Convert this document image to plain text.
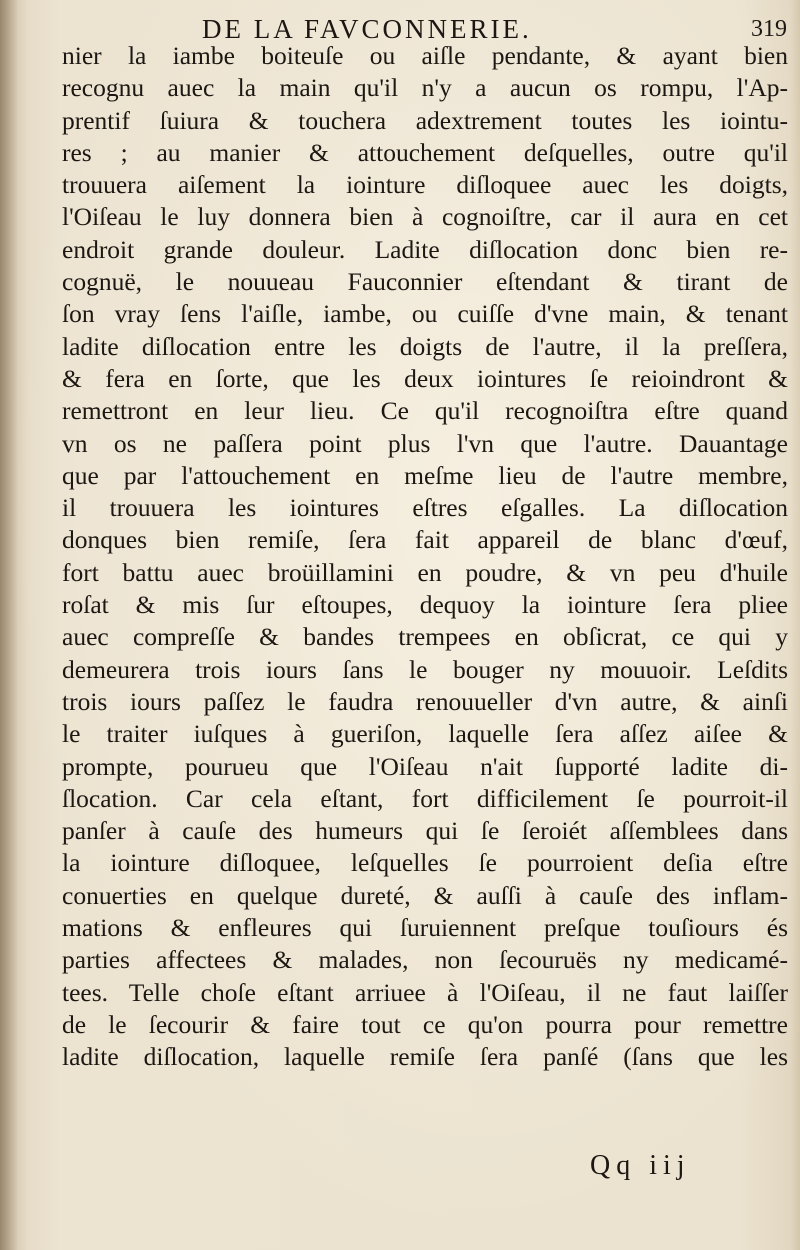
DE LA FAVCONNERIE.	319
nier la iambe boiteuſe ou aiſle pendante, & ayant bien
recognu auec la main qu'il n'y a aucun os rompu, l'Ap-
prentif ſuiura & touchera adextrement toutes les iointu-
res ; au manier & attouchement deſquelles, outre qu'il
trouuera aiſement la iointure diſloquee auec les doigts,
l'Oiſeau le luy donnera bien à cognoiſtre, car il aura en cet
endroit grande douleur. Ladite diſlocation donc bien re-
cognuë, le nouueau Fauconnier eſtendant & tirant de
ſon vray ſens l'aiſle, iambe, ou cuiſſe d'vne main, & tenant
ladite diſlocation entre les doigts de l'autre, il la preſſera,
& fera en ſorte, que les deux iointures ſe reioindront &
remettront en leur lieu. Ce qu'il recognoiſtra eſtre quand
vn os ne paſſera point plus l'vn que l'autre. Dauantage
que par l'attouchement en meſme lieu de l'autre membre,
il trouuera les iointures eſtres eſgalles. La diſlocation
donques bien remiſe, ſera fait appareil de blanc d'œuf,
fort battu auec broüillamini en poudre, & vn peu d'huile
roſat & mis ſur eſtoupes, dequoy la iointure ſera pliee
auec compreſſe & bandes trempees en obſicrat, ce qui y
demeurera trois iours ſans le bouger ny mouuoir. Leſdits
trois iours paſſez le faudra renouueller d'vn autre, & ainſi
le traiter iuſques à gueriſon, laquelle ſera aſſez aiſee &
prompte, pourueu que l'Oiſeau n'ait ſupporté ladite di-
ſlocation. Car cela eſtant, fort difficilement ſe pourroit-il
panſer à cauſe des humeurs qui ſe ſeroiét aſſemblees dans
la iointure diſloquee, leſquelles ſe pourroient deſia eſtre
conuerties en quelque dureté, & auſſi à cauſe des inflam-
mations & enfleures qui ſuruiennent preſque touſiours és
parties affectees & malades, non ſecouruës ny medicamé-
tees. Telle choſe eſtant arriuee à l'Oiſeau, il ne faut laiſſer
de le ſecourir & faire tout ce qu'on pourra pour remettre
ladite diſlocation, laquelle remiſe ſera panſé (ſans que les
Qq iij
